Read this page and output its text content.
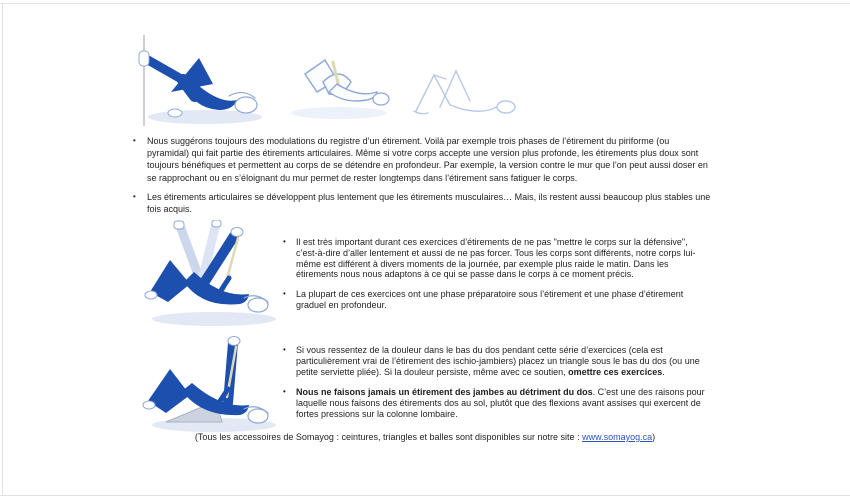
•	Nous suggérons toujours des modulations du registre d’un étirement. Voilà par exemple trois phases de l’étirement du piriforme (ou pyramidal) qui fait partie des étirements articulaires. Même si votre corps accepte une version plus profonde, les étirements plus doux sont toujours bénéfiques et permettent au corps de se détendre en profondeur. Par exemple, la version contre le mur que l’on peut aussi doser en se rapprochant ou en s’éloignant du mur permet de rester longtemps dans l’étirement sans fatiguer le corps.
•	Les étirements articulaires se développent plus lentement que les étirements musculaires… Mais, ils restent aussi beaucoup plus stables une fois acquis.
•	Il est très important durant ces exercices d’étirements de ne pas "mettre le corps sur la défensive", c’est-à-dire d’aller lentement et aussi de ne pas forcer. Tous les corps sont différents, notre corps lui-même est différent à divers moments de la journée, par exemple plus raide le matin. Dans les étirements nous nous adaptons à ce qui se passe dans le corps à ce moment précis.
•	La plupart de ces exercices ont une phase préparatoire sous l’étirement et une phase d’étirement graduel en profondeur.
•	Si vous ressentez de la douleur dans le bas du dos pendant cette série d’exercices (cela est particulièrement vrai de l’étirement des ischio-jambiers) placez un triangle sous le bas du dos (ou une petite serviette pliée). Si la douleur persiste, même avec ce soutien, omettre ces exercices.
•	Nous ne faisons jamais un étirement des jambes au détriment du dos. C’est une des raisons pour laquelle nous faisons des étirements dos au sol, plutôt que des flexions avant assises qui exercent de fortes pressions sur la colonne lombaire.
(Tous les accessoires de Somayog : ceintures, triangles et balles sont disponibles sur notre site : www.somayog.ca)
